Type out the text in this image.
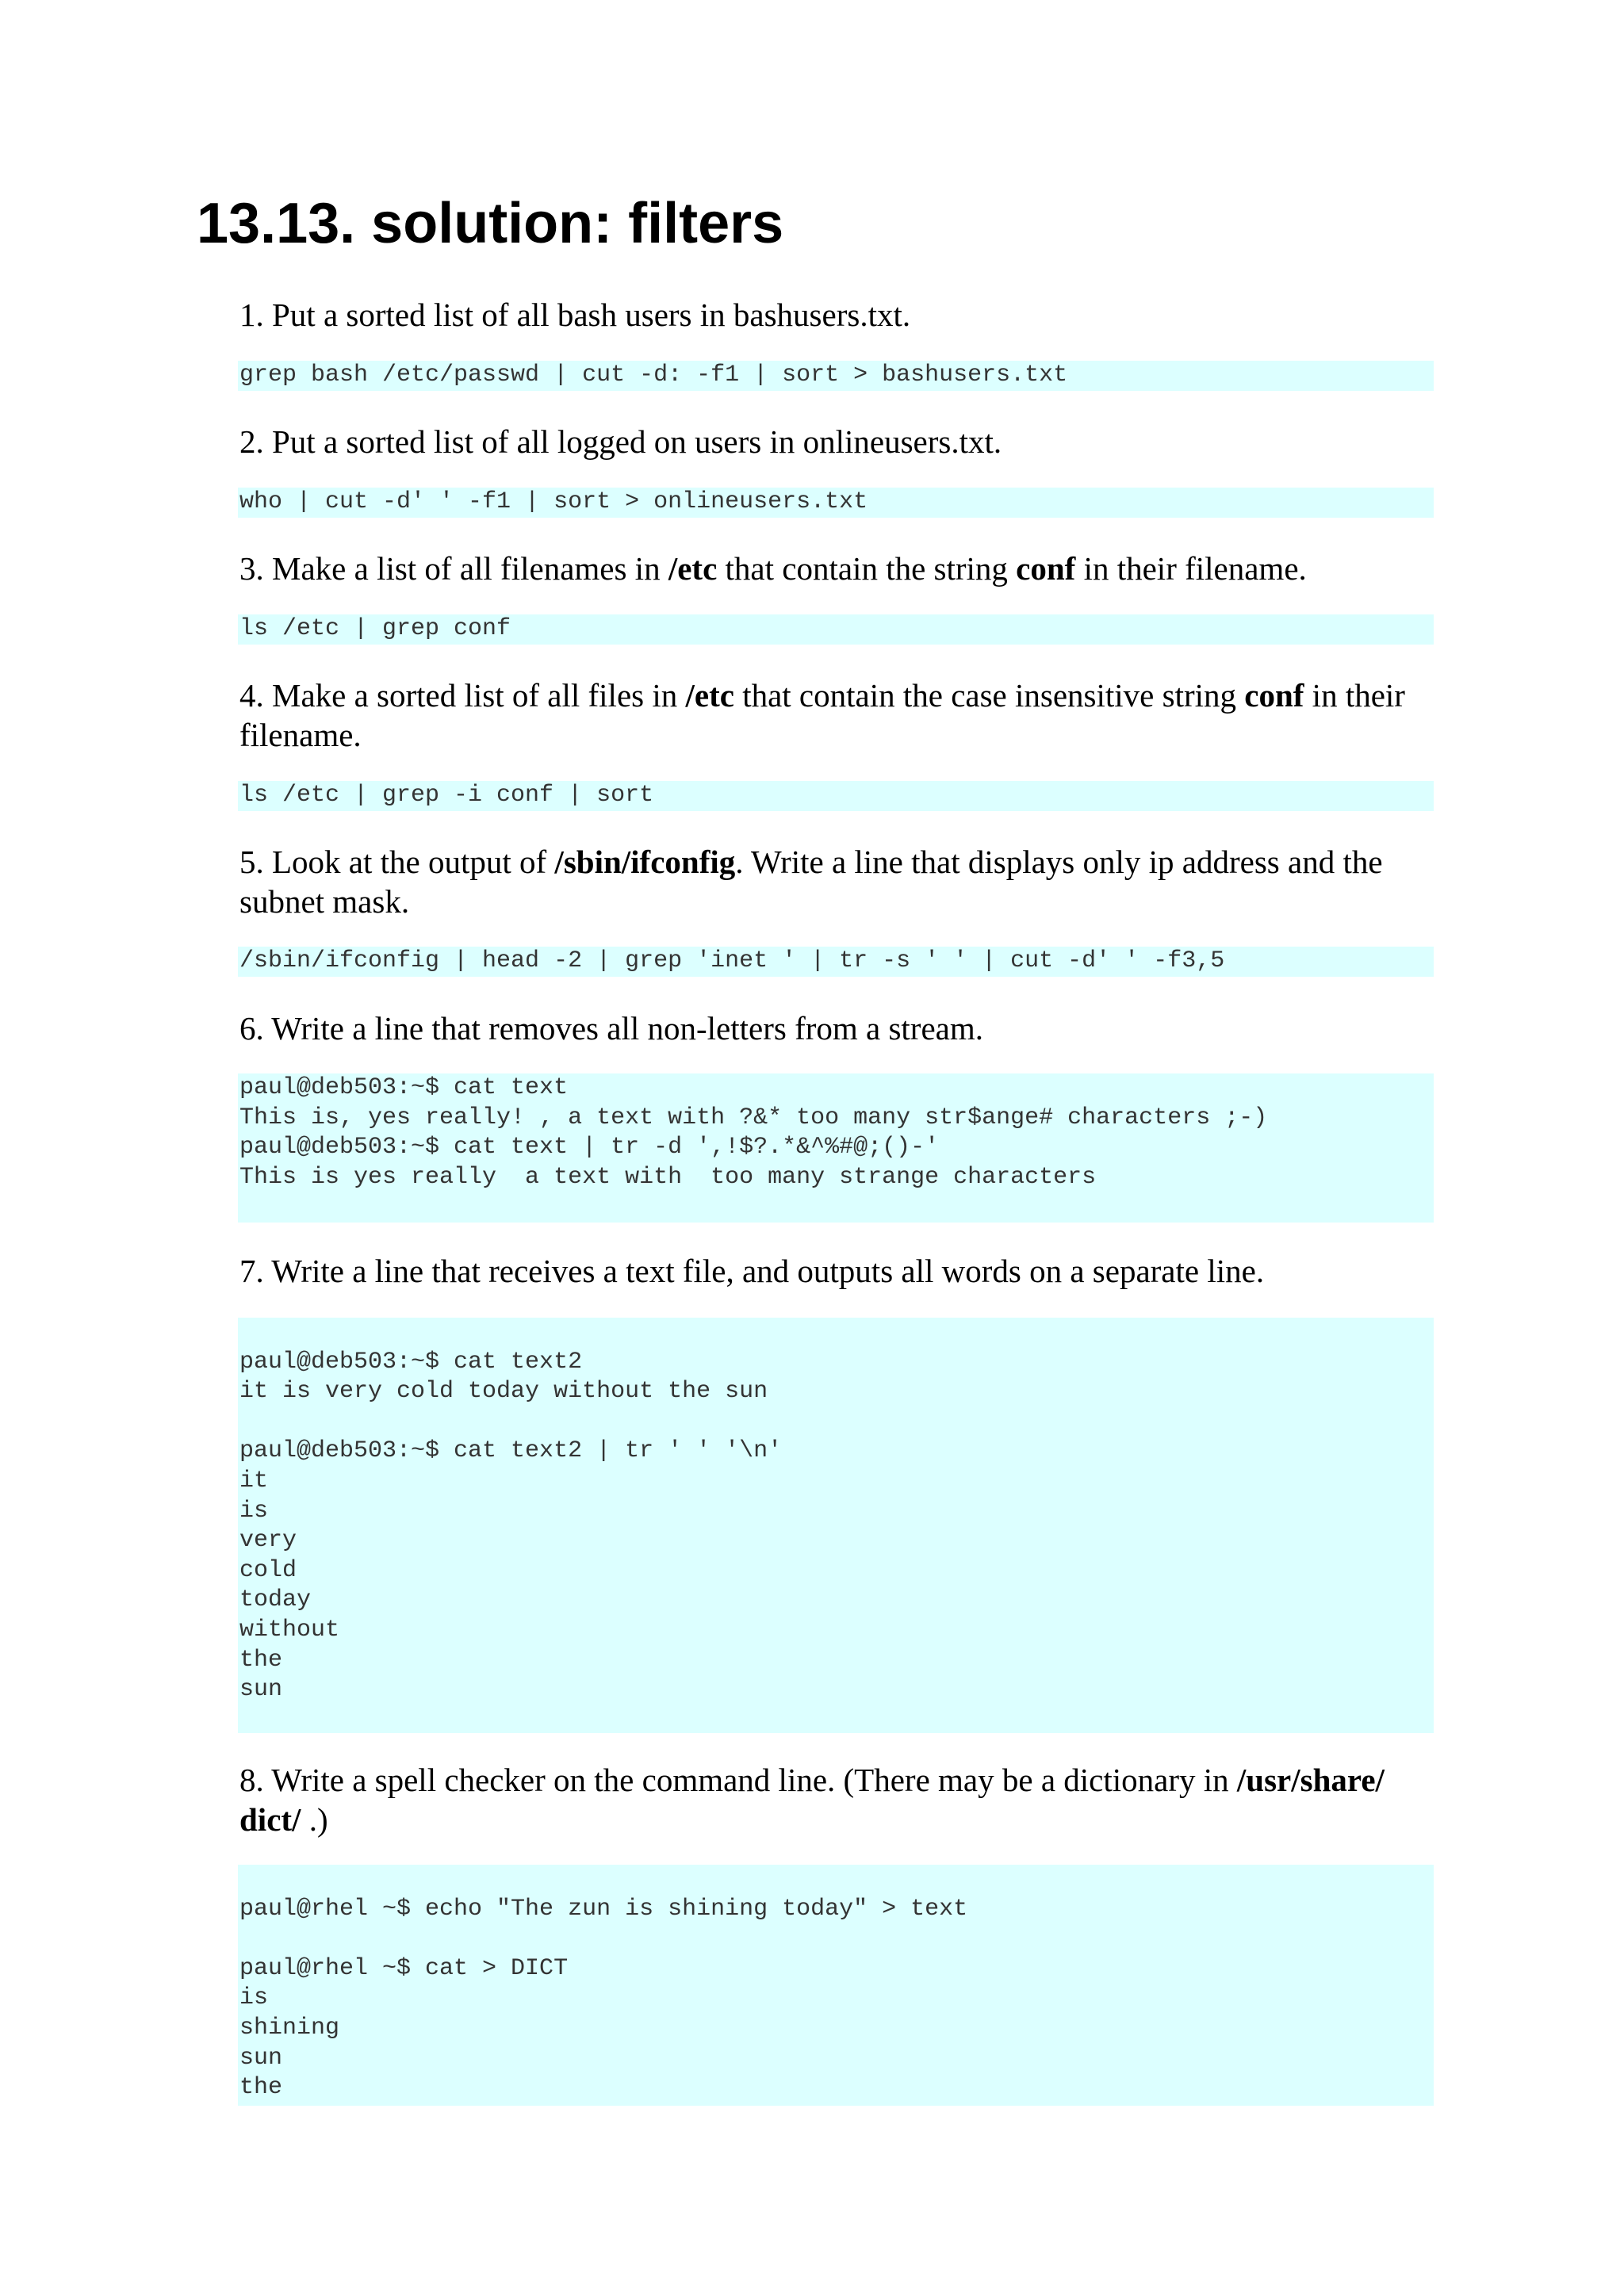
13.13. solution: filters

1. Put a sorted list of all bash users in bashusers.txt.

grep bash /etc/passwd | cut -d: -f1 | sort > bashusers.txt

2. Put a sorted list of all logged on users in onlineusers.txt.

who | cut -d' ' -f1 | sort > onlineusers.txt

3. Make a list of all filenames in /etc that contain the string conf in their filename.

ls /etc | grep conf

4. Make a sorted list of all files in /etc that contain the case insensitive string conf in their filename.

ls /etc | grep -i conf | sort

5. Look at the output of /sbin/ifconfig. Write a line that displays only ip address and the subnet mask.

/sbin/ifconfig | head -2 | grep 'inet ' | tr -s ' ' | cut -d' ' -f3,5

6. Write a line that removes all non-letters from a stream.

paul@deb503:~$ cat text
This is, yes really! , a text with ?&* too many str$ange# characters ;-)
paul@deb503:~$ cat text | tr -d ',!$?.*&^%#@;()-'
This is yes really  a text with  too many strange characters

7. Write a line that receives a text file, and outputs all words on a separate line.

paul@deb503:~$ cat text2
it is very cold today without the sun
paul@deb503:~$ cat text2 | tr ' ' '\n'
it
is
very
cold
today
without
the
sun

8. Write a spell checker on the command line. (There may be a dictionary in /usr/share/ dict/ .)

paul@rhel ~$ echo "The zun is shining today" > text
paul@rhel ~$ cat > DICT
is
shining
sun
the
